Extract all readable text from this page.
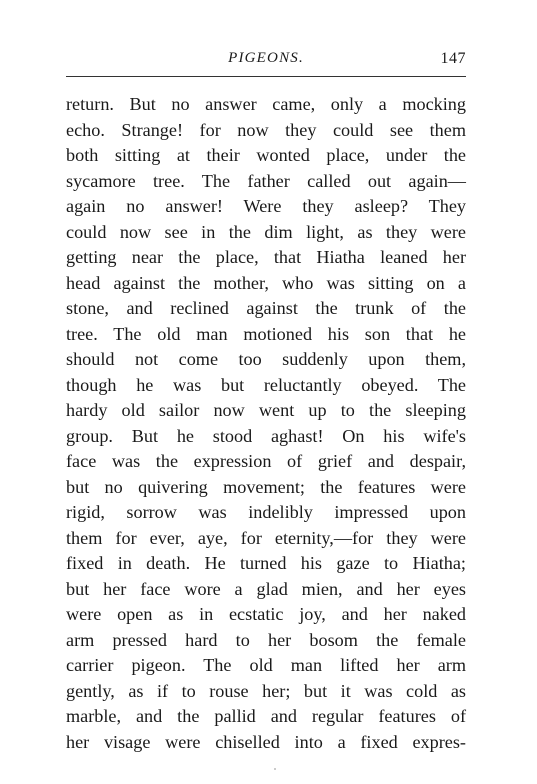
PIGEONS.	147
return. But no answer came, only a mocking
echo. Strange! for now they could see them
both sitting at their wonted place, under the
sycamore tree. The father called out again—
again no answer! Were they asleep? They
could now see in the dim light, as they were
getting near the place, that Hiatha leaned her
head against the mother, who was sitting on a
stone, and reclined against the trunk of the
tree. The old man motioned his son that he
should not come too suddenly upon them,
though he was but reluctantly obeyed. The
hardy old sailor now went up to the sleeping
group. But he stood aghast! On his wife's
face was the expression of grief and despair,
but no quivering movement; the features were
rigid, sorrow was indelibly impressed upon
them for ever, aye, for eternity,—for they were
fixed in death. He turned his gaze to Hiatha;
but her face wore a glad mien, and her eyes
were open as in ecstatic joy, and her naked
arm pressed hard to her bosom the female
carrier pigeon. The old man lifted her arm
gently, as if to rouse her; but it was cold as
marble, and the pallid and regular features of
her visage were chiselled into a fixed expres-
